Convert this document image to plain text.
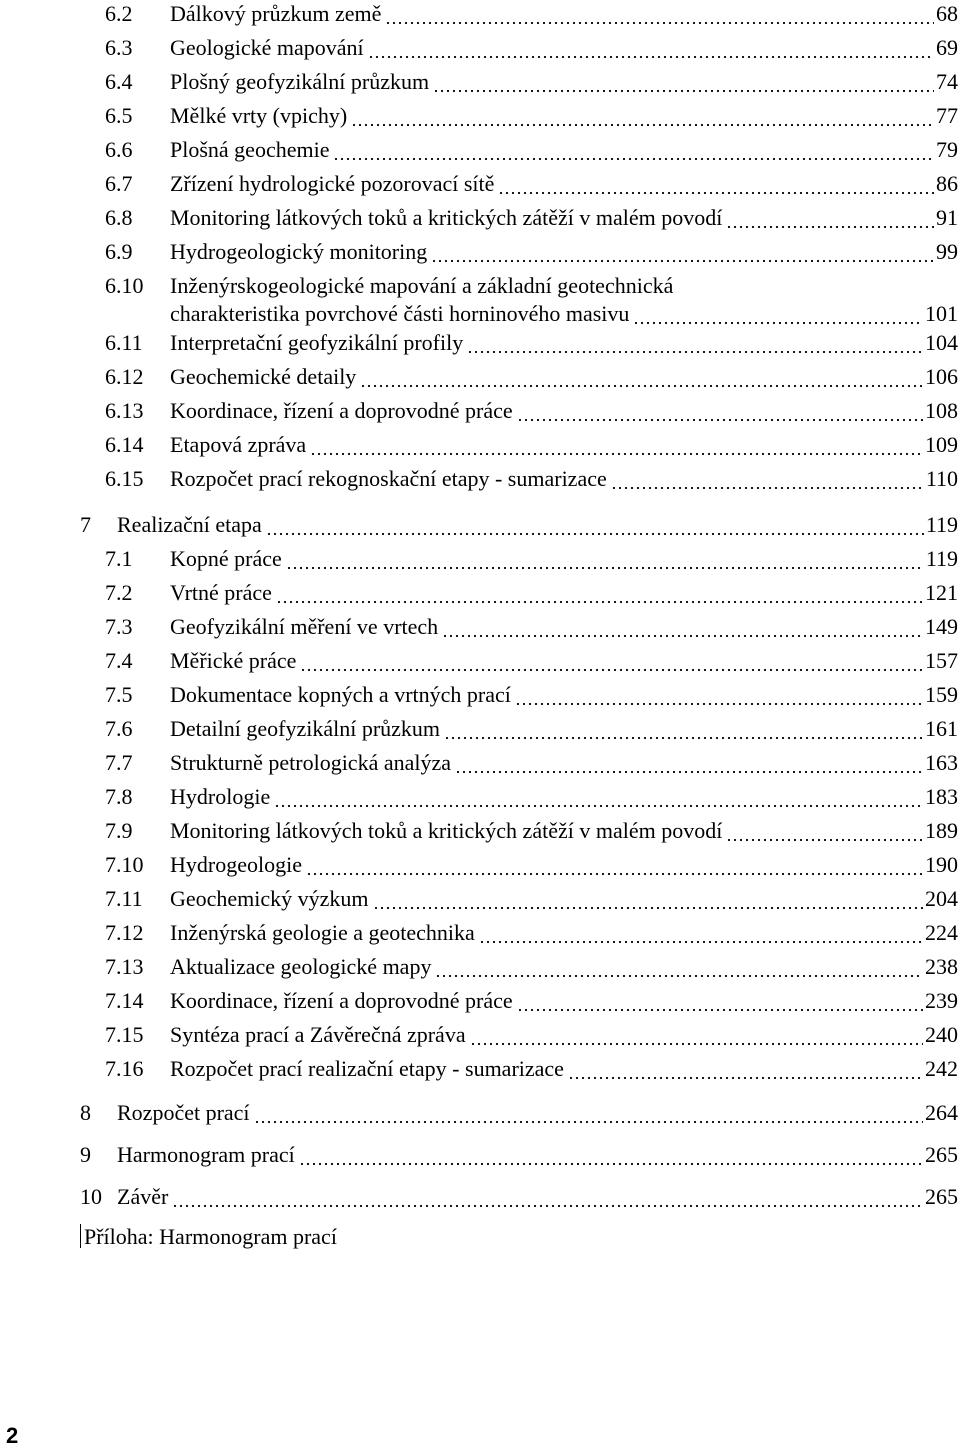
6.2 Dálkový průzkum země	68
6.3 Geologické mapování	69
6.4 Plošný geofyzikální průzkum	74
6.5 Mělké vrty (vpichy)	77
6.6 Plošná geochemie	79
6.7 Zřízení hydrologické pozorovací sítě	86
6.8 Monitoring látkových toků a kritických zátěží v malém povodí	91
6.9 Hydrogeologický monitoring	99
6.10 Inženýrskogeologické mapování a základní geotechnická
charakteristika povrchové části horninového masivu	101
6.11 Interpretační geofyzikální profily	104
6.12 Geochemické detaily	106
6.13 Koordinace, řízení a doprovodné práce	108
6.14 Etapová zpráva	109
6.15 Rozpočet prací rekognoskační etapy - sumarizace	110
7 Realizační etapa	119
7.1 Kopné práce	119
7.2 Vrtné práce	121
7.3 Geofyzikální měření ve vrtech	149
7.4 Měřické práce	157
7.5 Dokumentace kopných a vrtných prací	159
7.6 Detailní geofyzikální průzkum	161
7.7 Strukturně petrologická analýza	163
7.8 Hydrologie	183
7.9 Monitoring látkových toků a kritických zátěží v malém povodí	189
7.10 Hydrogeologie	190
7.11 Geochemický výzkum	204
7.12 Inženýrská geologie a geotechnika	224
7.13 Aktualizace geologické mapy	238
7.14 Koordinace, řízení a doprovodné práce	239
7.15 Syntéza prací a Závěrečná zpráva	240
7.16 Rozpočet prací realizační etapy - sumarizace	242
8 Rozpočet prací	264
9 Harmonogram prací	265
10 Závěr	265
Příloha: Harmonogram prací
2
